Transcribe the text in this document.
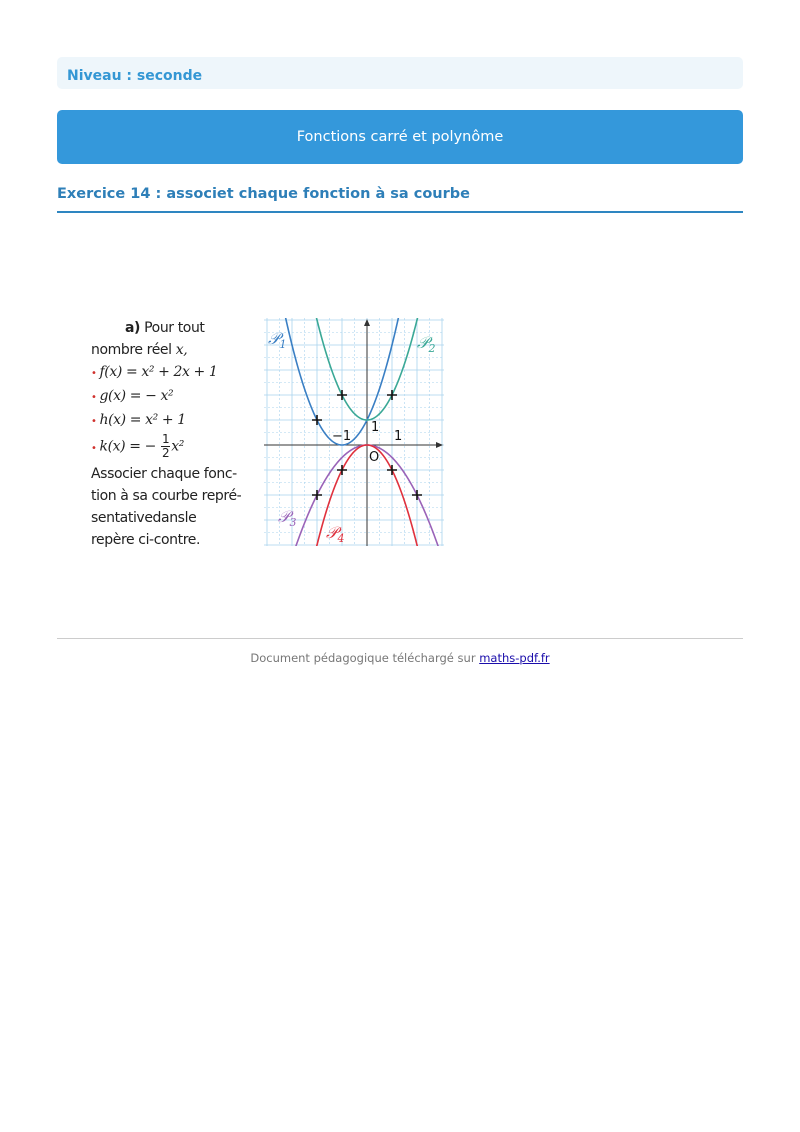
Niveau : seconde
Fonctions carré et polynôme
Exercice 14 : associet chaque fonction à sa courbe
a) Pour tout
nombre réel x,
• f(x) = x² + 2x + 1
• g(x) = − x²
• h(x) = x² + 1
• k(x) = − $\frac{1}{2} x^2$
Associer chaque fonc-
tion à sa courbe repré-
sentativedansle
repère ci-contre.
𝒫$_1$	𝒫$_2$
𝒫$_3$
𝒫$_4$
−1	1
1
O
Document pédagogique téléchargé sur maths-pdf.fr
